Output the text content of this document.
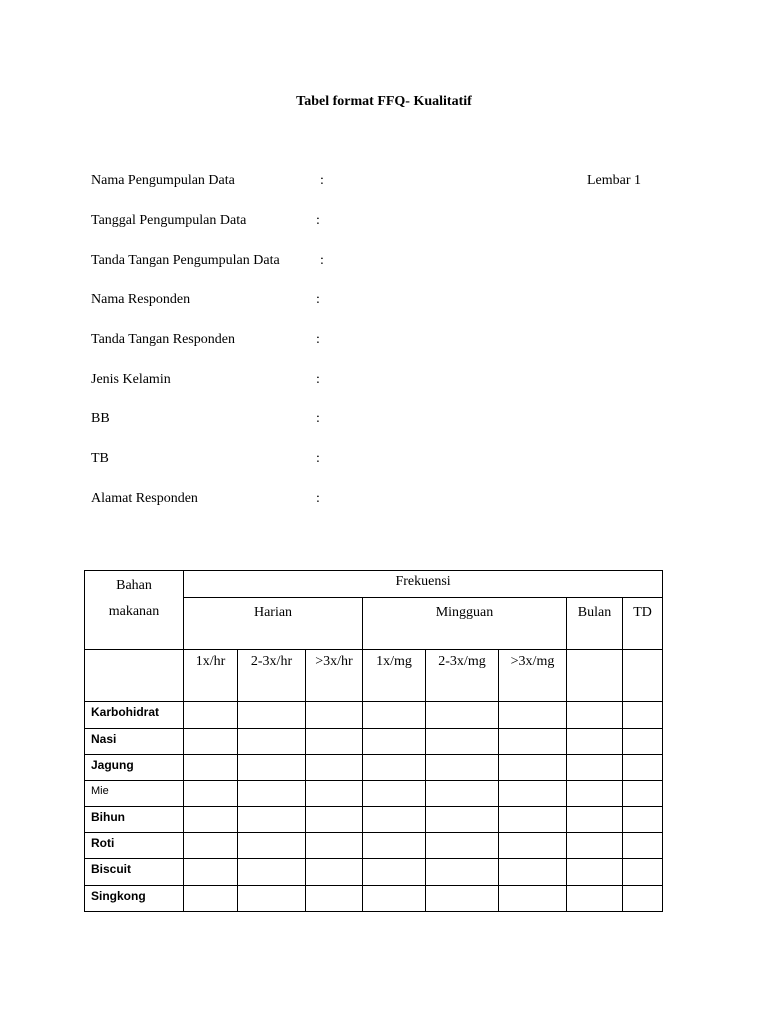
Tabel format FFQ- Kualitatif
Lembar 1
Nama Pengumpulan Data	:
Tanggal Pengumpulan Data	:
Tanda Tangan Pengumpulan Data	:
Nama Responden	:
Tanda Tangan Responden	:
Jenis Kelamin	:
BB	:
TB	:
Alamat Responden	:
Bahan
makanan	Frekuensi							
	Harian			Mingguan			Bulan	TD
	1x/hr	2-3x/hr	>3x/hr	1x/mg	2-3x/mg	>3x/mg		
Karbohidrat								
Nasi								
Jagung								
Mie								
Bihun								
Roti								
Biscuit								
Singkong								
